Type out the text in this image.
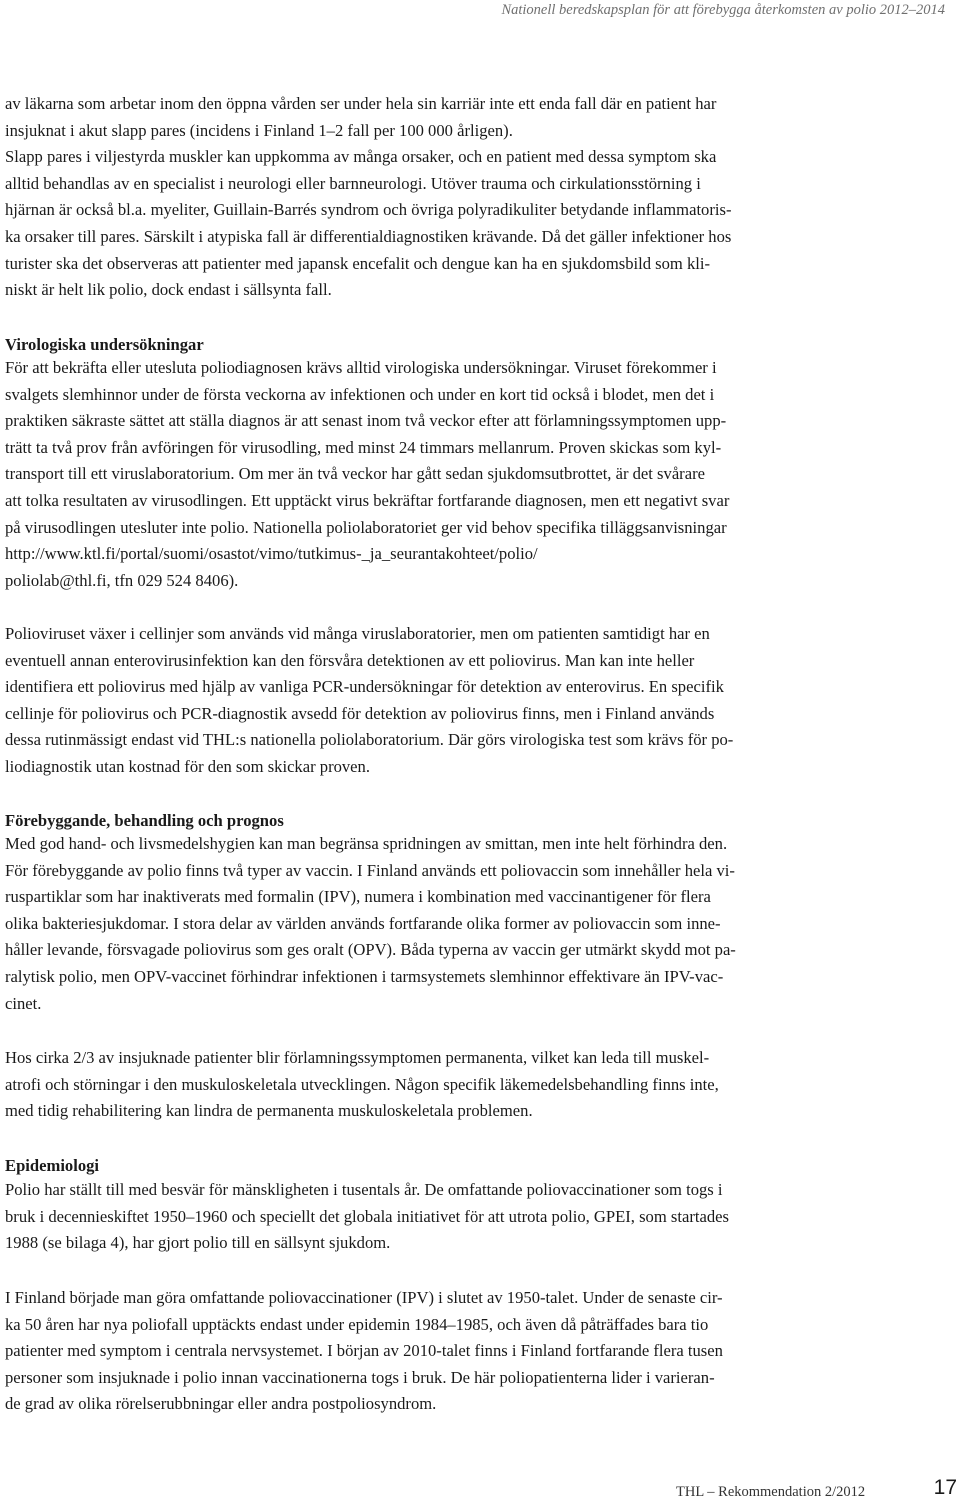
Nationell beredskapsplan för att förebygga återkomsten av polio 2012–2014

av läkarna som arbetar inom den öppna vården ser under hela sin karriär inte ett enda fall där en patient har
insjuknat i akut slapp pares (incidens i Finland 1–2 fall per 100 000 årligen).
Slapp pares i viljestyrda muskler kan uppkomma av många orsaker, och en patient med dessa symptom ska
alltid behandlas av en specialist i neurologi eller barnneurologi. Utöver trauma och cirkulationsstörning i
hjärnan är också bl.a. myeliter, Guillain-Barrés syndrom och övriga polyradikuliter betydande inflammatoris-
ka orsaker till pares. Särskilt i atypiska fall är differentialdiagnostiken krävande. Då det gäller infektioner hos
turister ska det observeras att patienter med japansk encefalit och dengue kan ha en sjukdomsbild som kli-
niskt är helt lik polio, dock endast i sällsynta fall.

Virologiska undersökningar

För att bekräfta eller utesluta poliodiagnosen krävs alltid virologiska undersökningar. Viruset förekommer i
svalgets slemhinnor under de första veckorna av infektionen och under en kort tid också i blodet, men det i
praktiken säkraste sättet att ställa diagnos är att senast inom två veckor efter att förlamningssymptomen upp-
trätt ta två prov från avföringen för virusodling, med minst 24 timmars mellanrum. Proven skickas som kyl-
transport till ett viruslaboratorium. Om mer än två veckor har gått sedan sjukdomsutbrottet, är det svårare
att tolka resultaten av virusodlingen. Ett upptäckt virus bekräftar fortfarande diagnosen, men ett negativt svar
på virusodlingen utesluter inte polio. Nationella poliolaboratoriet ger vid behov specifika tilläggsanvisningar
http://www.ktl.fi/portal/suomi/osastot/vimo/tutkimus-_ja_seurantakohteet/polio/
poliolab@thl.fi, tfn 029 524 8406).

Polioviruset växer i cellinjer som används vid många viruslaboratorier, men om patienten samtidigt har en
eventuell annan enterovirusinfektion kan den försvåra detektionen av ett poliovirus. Man kan inte heller
identifiera ett poliovirus med hjälp av vanliga PCR-undersökningar för detektion av enterovirus. En specifik
cellinje för poliovirus och PCR-diagnostik avsedd för detektion av poliovirus finns, men i Finland används
dessa rutinmässigt endast vid THL:s nationella poliolaboratorium. Där görs virologiska test som krävs för po-
liodiagnostik utan kostnad för den som skickar proven.

Förebyggande, behandling och prognos

Med god hand- och livsmedelshygien kan man begränsa spridningen av smittan, men inte helt förhindra den.
För förebyggande av polio finns två typer av vaccin. I Finland används ett poliovaccin som innehåller hela vi-
ruspartiklar som har inaktiverats med formalin (IPV), numera i kombination med vaccinantigener för flera
olika bakteriesjukdomar. I stora delar av världen används fortfarande olika former av poliovaccin som inne-
håller levande, försvagade poliovirus som ges oralt (OPV). Båda typerna av vaccin ger utmärkt skydd mot pa-
ralytisk polio, men OPV-vaccinet förhindrar infektionen i tarmsystemets slemhinnor effektivare än IPV-vac-
cinet.

Hos cirka 2/3 av insjuknade patienter blir förlamningssymptomen permanenta, vilket kan leda till muskel-
atrofi och störningar i den muskuloskeletala utvecklingen. Någon specifik läkemedelsbehandling finns inte,
med tidig rehabilitering kan lindra de permanenta muskuloskeletala problemen.

Epidemiologi

Polio har ställt till med besvär för mänskligheten i tusentals år. De omfattande poliovaccinationer som togs i
bruk i decennieskiftet 1950–1960 och speciellt det globala initiativet för att utrota polio, GPEI, som startades
1988 (se bilaga 4), har gjort polio till en sällsynt sjukdom.

I Finland började man göra omfattande poliovaccinationer (IPV) i slutet av 1950-talet. Under de senaste cir-
ka 50 åren har nya poliofall upptäckts endast under epidemin 1984–1985, och även då påträffades bara tio
patienter med symptom i centrala nervsystemet. I början av 2010-talet finns i Finland fortfarande flera tusen
personer som insjuknade i polio innan vaccinationerna togs i bruk. De här poliopatienterna lider i varieran-
de grad av olika rörelserubbningar eller andra postpoliosyndrom.

THL – Rekommendation 2/2012	17
